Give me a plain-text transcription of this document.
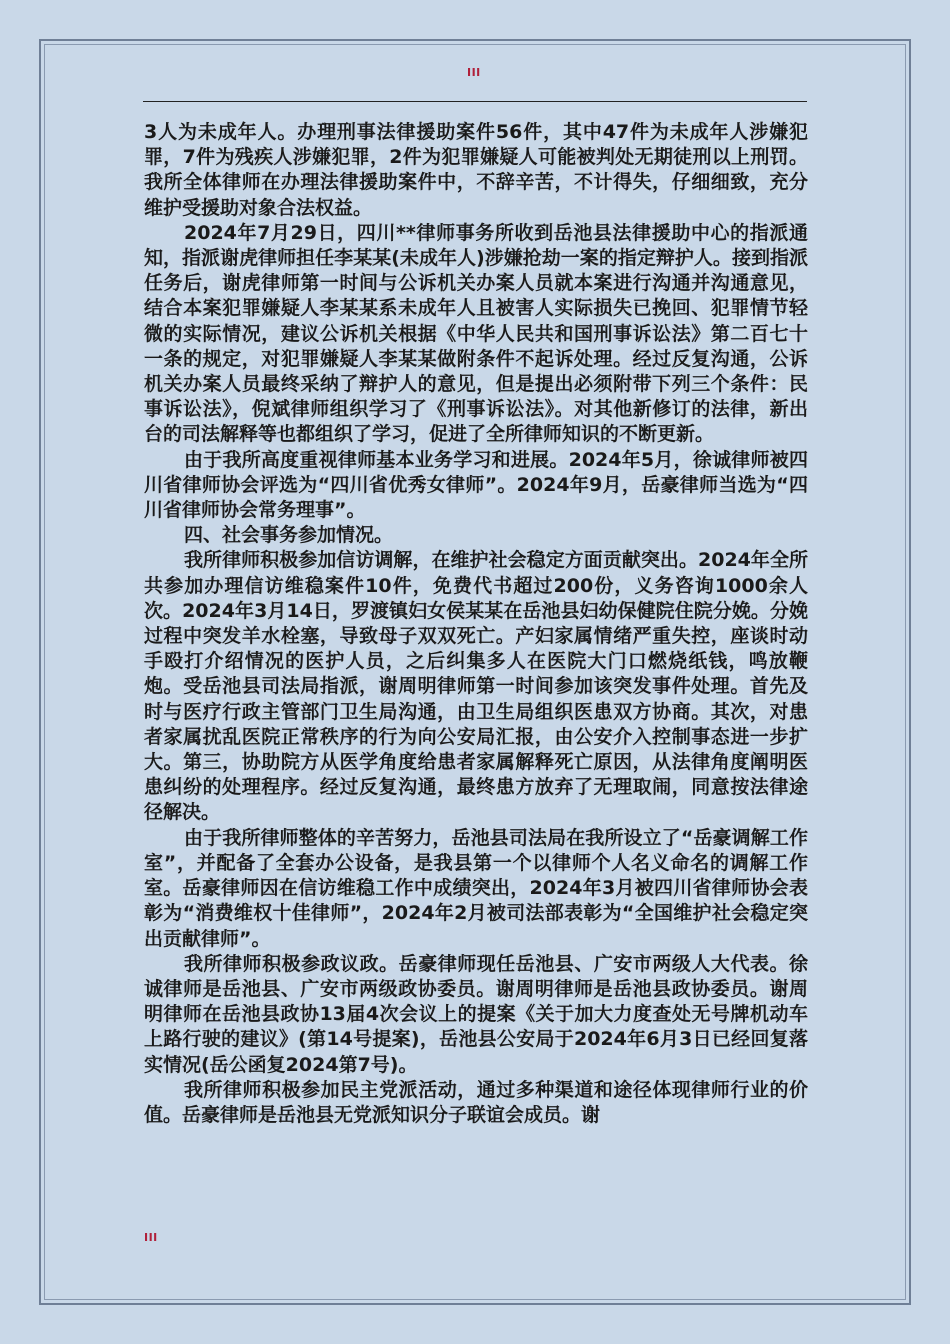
III

3人为未成年人。办理刑事法律援助案件56件，其中47件为未成年人涉嫌犯罪，7件为残疾人涉嫌犯罪，2件为犯罪嫌疑人可能被判处无期徒刑以上刑罚。我所全体律师在办理法律援助案件中，不辞辛苦，不计得失，仔细细致，充分维护受援助对象合法权益。

2024年7月29日，四川**律师事务所收到岳池县法律援助中心的指派通知，指派谢虎律师担任李某某(未成年人)涉嫌抢劫一案的指定辩护人。接到指派任务后，谢虎律师第一时间与公诉机关办案人员就本案进行沟通并沟通意见，结合本案犯罪嫌疑人李某某系未成年人且被害人实际损失已挽回、犯罪情节轻微的实际情况，建议公诉机关根据《中华人民共和国刑事诉讼法》第二百七十一条的规定，对犯罪嫌疑人李某某做附条件不起诉处理。经过反复沟通，公诉机关办案人员最终采纳了辩护人的意见，但是提出必须附带下列三个条件：民事诉讼法》，倪斌律师组织学习了《刑事诉讼法》。对其他新修订的法律，新出台的司法解释等也都组织了学习，促进了全所律师知识的不断更新。

由于我所高度重视律师基本业务学习和进展。2024年5月，徐诚律师被四川省律师协会评选为“四川省优秀女律师”。2024年9月，岳豪律师当选为“四川省律师协会常务理事”。

四、社会事务参加情况。

我所律师积极参加信访调解，在维护社会稳定方面贡献突出。2024年全所共参加办理信访维稳案件10件，免费代书超过200份，义务咨询1000余人次。2024年3月14日，罗渡镇妇女侯某某在岳池县妇幼保健院住院分娩。分娩过程中突发羊水栓塞，导致母子双双死亡。产妇家属情绪严重失控，座谈时动手殴打介绍情况的医护人员，之后纠集多人在医院大门口燃烧纸钱，鸣放鞭炮。受岳池县司法局指派，谢周明律师第一时间参加该突发事件处理。首先及时与医疗行政主管部门卫生局沟通，由卫生局组织医患双方协商。其次，对患者家属扰乱医院正常秩序的行为向公安局汇报，由公安介入控制事态进一步扩大。第三，协助院方从医学角度给患者家属解释死亡原因，从法律角度阐明医患纠纷的处理程序。经过反复沟通，最终患方放弃了无理取闹，同意按法律途径解决。

由于我所律师整体的辛苦努力，岳池县司法局在我所设立了“岳豪调解工作室”，并配备了全套办公设备，是我县第一个以律师个人名义命名的调解工作室。岳豪律师因在信访维稳工作中成绩突出，2024年3月被四川省律师协会表彰为“消费维权十佳律师”，2024年2月被司法部表彰为“全国维护社会稳定突出贡献律师”。

我所律师积极参政议政。岳豪律师现任岳池县、广安市两级人大代表。徐诚律师是岳池县、广安市两级政协委员。谢周明律师是岳池县政协委员。谢周明律师在岳池县政协13届4次会议上的提案《关于加大力度查处无号牌机动车上路行驶的建议》(第14号提案)，岳池县公安局于2024年6月3日已经回复落实情况(岳公函复2024第7号)。

我所律师积极参加民主党派活动，通过多种渠道和途径体现律师行业的价值。岳豪律师是岳池县无党派知识分子联谊会成员。谢

III
